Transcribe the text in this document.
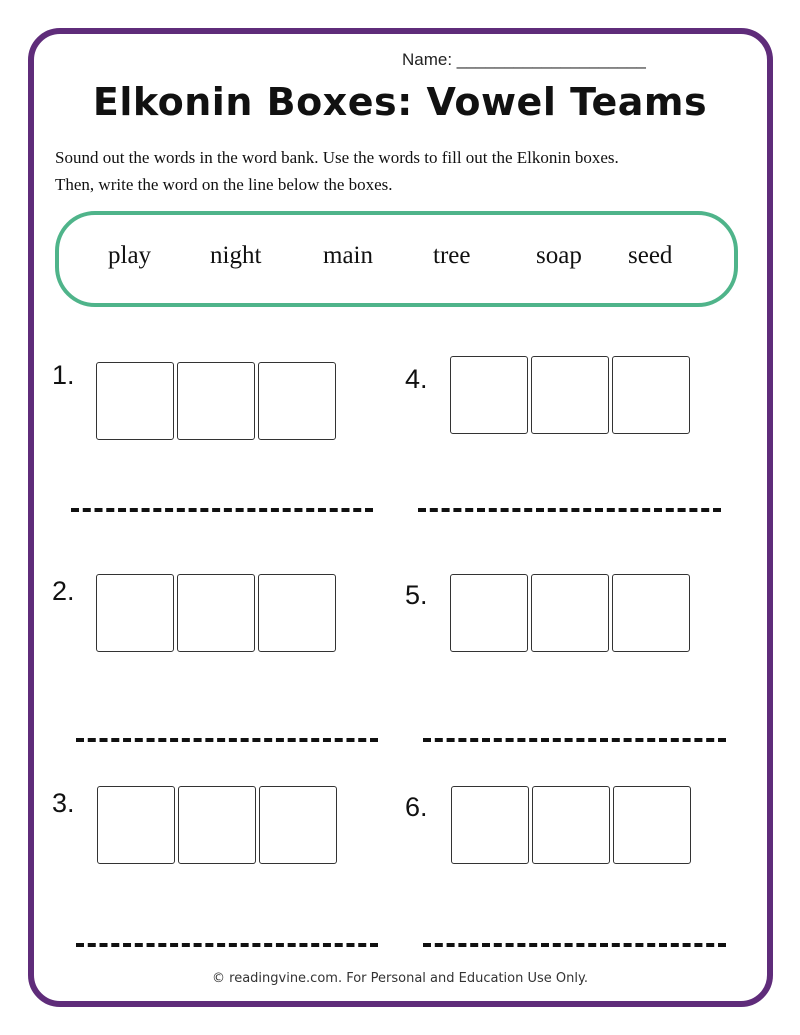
Name: ____________________
Elkonin Boxes: Vowel Teams
Sound out the words in the word bank. Use the words to fill out the Elkonin boxes.
Then, write the word on the line below the boxes.
play night main tree	soap seed
1.	4.
2.	5.
3.	6.
© readingvine.com. For Personal and Education Use Only.
